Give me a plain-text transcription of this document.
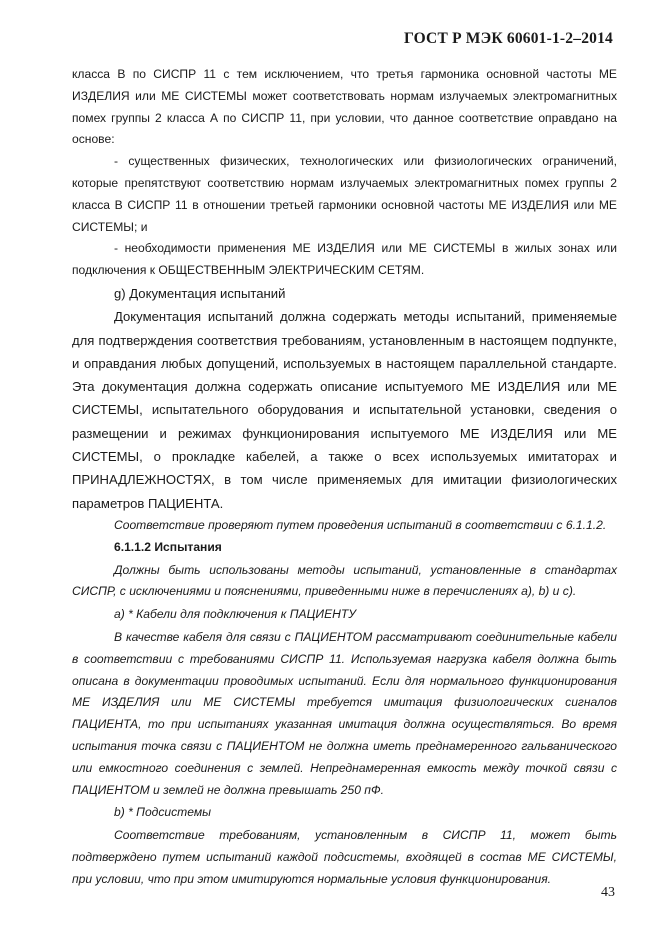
ГОСТ Р МЭК 60601-1-2–2014

класса В по СИСПР 11 с тем исключением, что третья гармоника основной частоты МЕ ИЗДЕЛИЯ или МЕ СИСТЕМЫ может соответствовать нормам излучаемых электромагнитных помех группы 2 класса А по СИСПР 11, при условии, что данное соответствие оправдано на основе:

- существенных физических, технологических или физиологических ограничений, которые препятствуют соответствию нормам излучаемых электромагнитных помех группы 2 класса В СИСПР 11 в отношении третьей гармоники основной частоты МЕ ИЗДЕЛИЯ или МЕ СИСТЕМЫ; и

- необходимости применения МЕ ИЗДЕЛИЯ или МЕ СИСТЕМЫ в жилых зонах или подключения к ОБЩЕСТВЕННЫМ ЭЛЕКТРИЧЕСКИМ СЕТЯМ.

g) Документация испытаний

Документация испытаний должна содержать методы испытаний, применяемые для подтверждения соответствия требованиям, установленным в настоящем подпункте, и оправдания любых допущений, используемых в настоящем параллельной стандарте. Эта документация должна содержать описание испытуемого МЕ ИЗДЕЛИЯ или МЕ СИСТЕМЫ, испытательного оборудования и испытательной установки, сведения о размещении и режимах функционирования испытуемого МЕ ИЗДЕЛИЯ или МЕ СИСТЕМЫ, о прокладке кабелей, а также о всех используемых имитаторах и ПРИНАДЛЕЖНОСТЯХ, в том числе применяемых для имитации физиологических параметров ПАЦИЕНТА.

Соответствие проверяют путем проведения испытаний в соответствии с 6.1.1.2.

6.1.1.2 Испытания

Должны быть использованы методы испытаний, установленные в стандартах СИСПР, с исключениями и пояснениями, приведенными ниже в перечислениях a), b) и c).

a) * Кабели для подключения к ПАЦИЕНТУ

В качестве кабеля для связи с ПАЦИЕНТОМ рассматривают соединительные кабели в соответствии с требованиями СИСПР 11. Используемая нагрузка кабеля должна быть описана в документации проводимых испытаний. Если для нормального функционирования МЕ ИЗДЕЛИЯ или МЕ СИСТЕМЫ требуется имитация физиологических сигналов ПАЦИЕНТА, то при испытаниях указанная имитация должна осуществляться. Во время испытания точка связи с ПАЦИЕНТОМ не должна иметь преднамеренного гальванического или емкостного соединения с землей. Непреднамеренная емкость между точкой связи с ПАЦИЕНТОМ и землей не должна превышать 250 пФ.

b) * Подсистемы

Соответствие требованиям, установленным в СИСПР 11, может быть подтверждено путем испытаний каждой подсистемы, входящей в состав МЕ СИСТЕМЫ, при условии, что при этом имитируются нормальные условия функционирования.

43
